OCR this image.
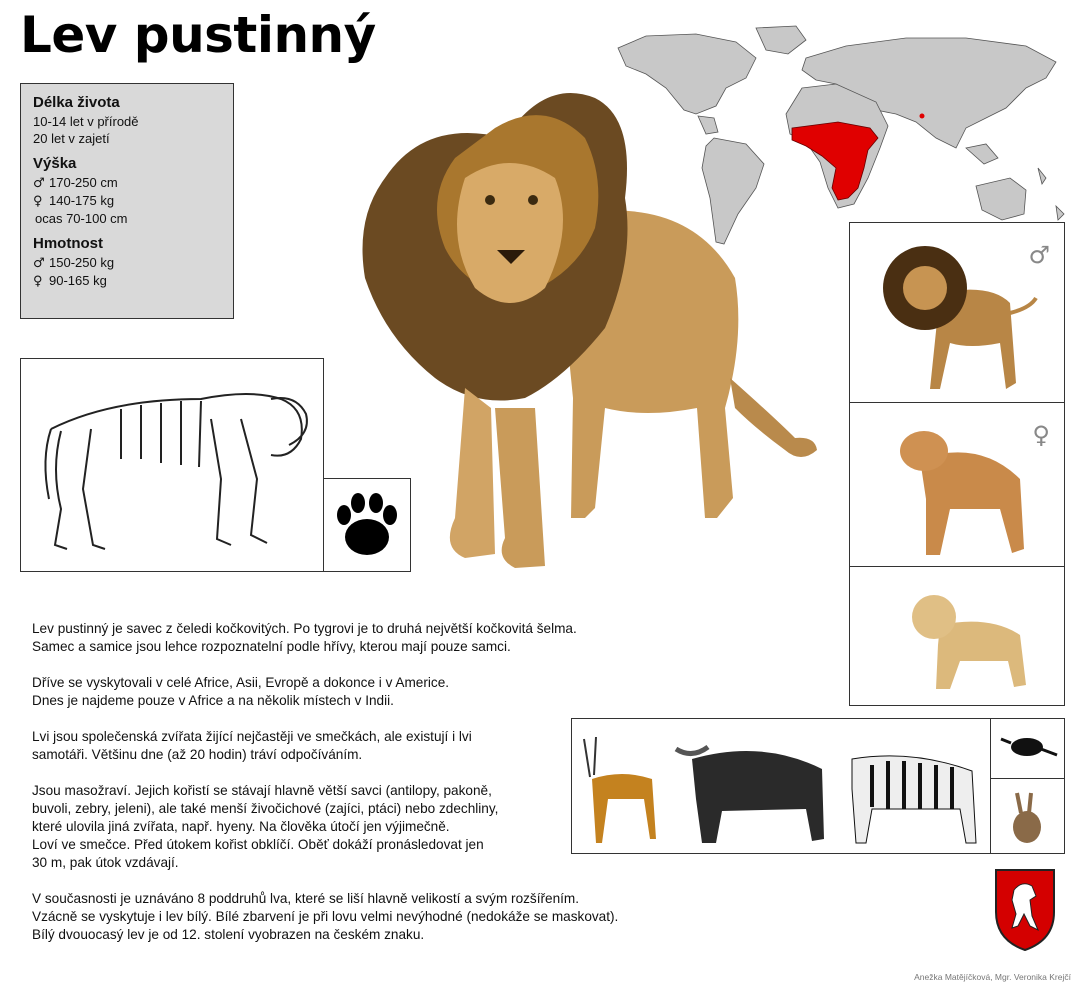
Lev pustinný
Délka života
10-14 let v přírodě
20 let v zajetí
Výška
♂ 170-250 cm
♀ 140-175 kg
ocas 70-100 cm
Hmotnost
♂ 150-250 kg
♀ 90-165 kg
♂
♀

Lev pustinný je savec z čeledi kočkovitých. Po tygrovi je to druhá největší kočkovitá šelma.
Samec a samice jsou lehce rozpoznatelní podle hřívy, kterou mají pouze samci.

Dříve se vyskytovali v celé Africe, Asii, Evropě a dokonce i v Americe.
Dnes je najdeme pouze v Africe a na několik místech v Indii.

Lvi jsou společenská zvířata žijící nejčastěji ve smečkách, ale existují i lvi
samotáři. Většinu dne (až 20 hodin) tráví odpočíváním.

Jsou masožraví. Jejich kořistí se stávají hlavně větší savci (antilopy, pakoně,
buvoli, zebry, jeleni), ale také menší živočichové (zajíci, ptáci) nebo zdechliny,
které ulovila jiná zvířata, např. hyeny. Na člověka útočí jen výjimečně.
Loví ve smečce. Před útokem kořist obklíčí. Oběť dokáží pronásledovat jen
30 m, pak útok vzdávají.

V současnosti je uznáváno 8 poddruhů lva, které se liší hlavně velikostí a svým rozšířením.
Vzácně se vyskytuje i lev bílý. Bílé zbarvení je při lovu velmi nevýhodné (nedokáže se maskovat).
Bílý dvouocasý lev je od 12. stolení vyobrazen na českém znaku.

Anežka Matějíčková, Mgr. Veronika Krejčí
